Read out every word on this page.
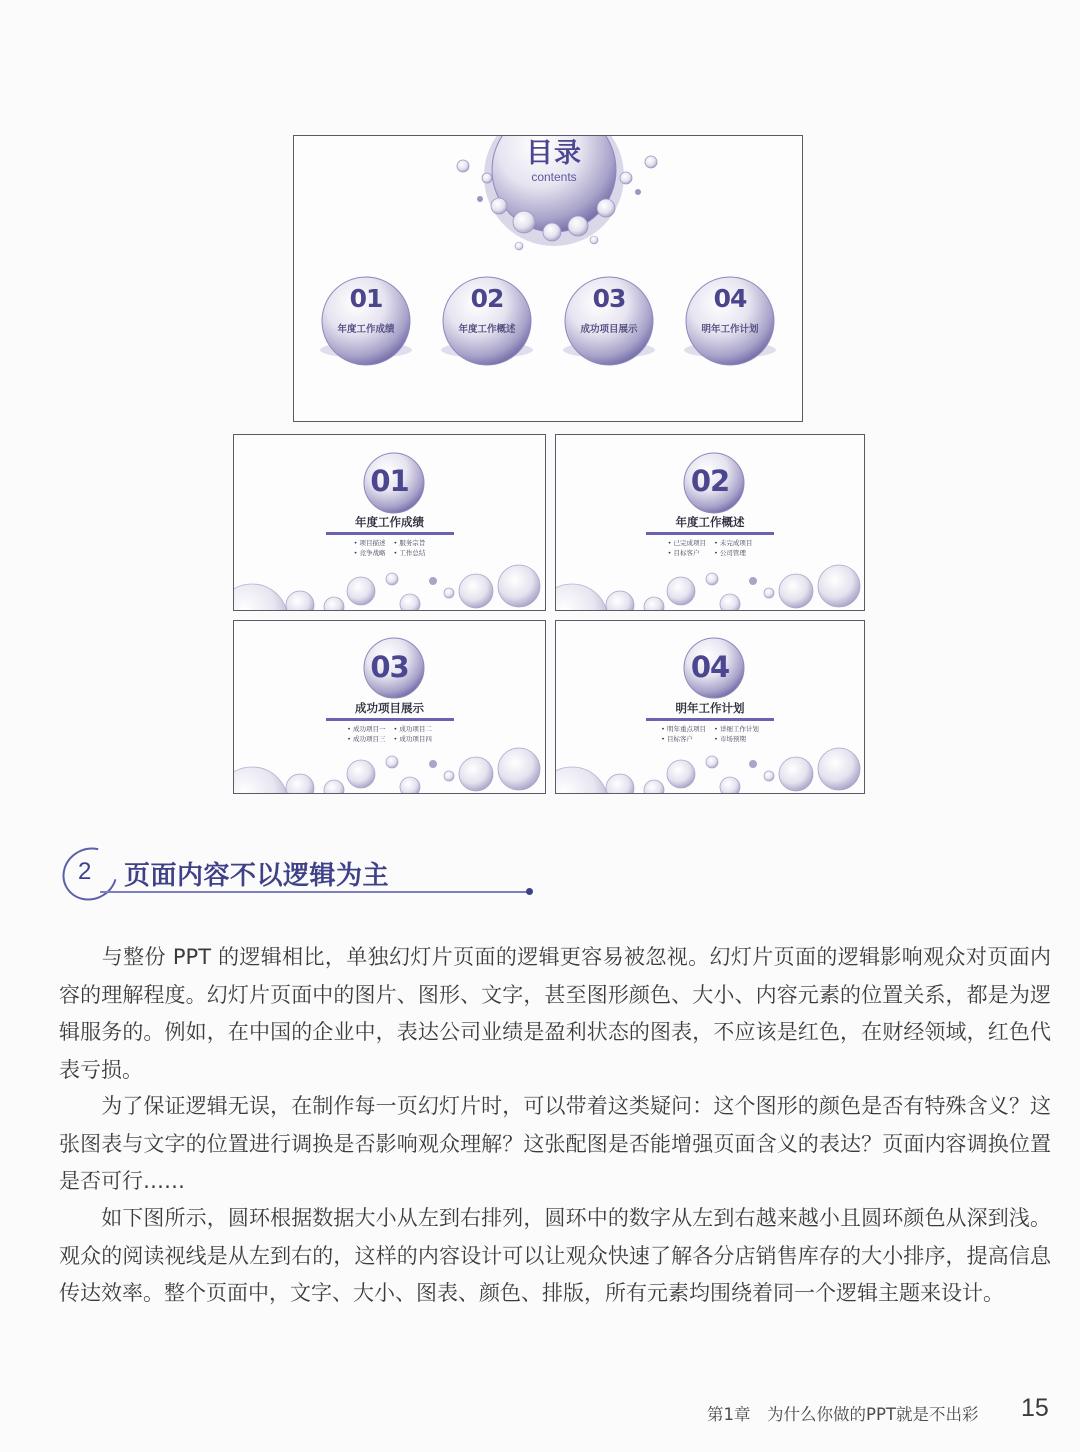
目录
contents
01
年度工作成绩
02
年度工作概述
03
成功项目展示
04
明年工作计划
01
年度工作成绩
• 项目描述 • 服务宗旨
• 竞争战略 • 工作总结
02
年度工作概述
• 已完成项目 • 未完成项目
• 目标客户	• 公司管理
03
成功项目展示
• 成功项目一 • 成功项目二
• 成功项目三 • 成功项目四
04
明年工作计划
• 明年重点项目 • 详细工作计划
• 目标客户	• 市场预期
2 页面内容不以逻辑为主

　　与整份 PPT 的逻辑相比，单独幻灯片页面的逻辑更容易被忽视。幻灯片页面的逻辑影响观众对页面内容的理解程度。幻灯片页面中的图片、图形、文字，甚至图形颜色、大小、内容元素的位置关系，都是为逻辑服务的。例如，在中国的企业中，表达公司业绩是盈利状态的图表，不应该是红色，在财经领域，红色代表亏损。

　　为了保证逻辑无误，在制作每一页幻灯片时，可以带着这类疑问：这个图形的颜色是否有特殊含义？这张图表与文字的位置进行调换是否影响观众理解？这张配图是否能增强页面含义的表达？页面内容调换位置是否可行……

　　如下图所示，圆环根据数据大小从左到右排列，圆环中的数字从左到右越来越小且圆环颜色从深到浅。观众的阅读视线是从左到右的，这样的内容设计可以让观众快速了解各分店销售库存的大小排序，提高信息传达效率。整个页面中，文字、大小、图表、颜色、排版，所有元素均围绕着同一个逻辑主题来设计。

第1章　为什么你做的PPT就是不出彩 15
